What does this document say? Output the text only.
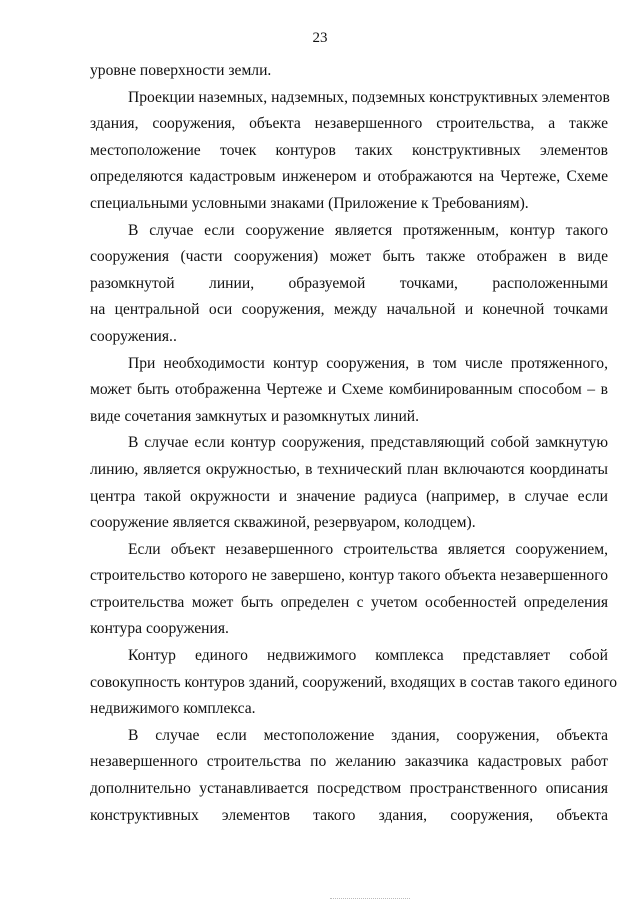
23
уровне поверхности земли.
Проекции наземных, надземных, подземных конструктивных элементов
здания, сооружения, объекта незавершенного строительства, а также
местоположение точек контуров таких конструктивных элементов
определяются кадастровым инженером и отображаются на Чертеже, Схеме
специальными условными знаками (Приложение к Требованиям).
В случае если сооружение является протяженным, контур такого
сооружения (части сооружения) может быть также отображен в виде
разомкнутой линии, образуемой точками, расположенными
на центральной оси сооружения, между начальной и конечной точками
сооружения..
При необходимости контур сооружения, в том числе протяженного,
может быть отображенна Чертеже и Схеме комбинированным способом – в
виде сочетания замкнутых и разомкнутых линий.
В случае если контур сооружения, представляющий собой замкнутую
линию, является окружностью, в технический план включаются координаты
центра такой окружности и значение радиуса (например, в случае если
сооружение является скважиной, резервуаром, колодцем).
Если объект незавершенного строительства является сооружением,
строительство которого не завершено, контур такого объекта незавершенного
строительства может быть определен с учетом особенностей определения
контура сооружения.
Контур единого недвижимого комплекса представляет собой
совокупность контуров зданий, сооружений, входящих в состав такого единого
недвижимого комплекса.
В случае если местоположение здания, сооружения, объекта
незавершенного строительства по желанию заказчика кадастровых работ
дополнительно устанавливается посредством пространственного описания
конструктивных элементов такого здания, сооружения, объекта
